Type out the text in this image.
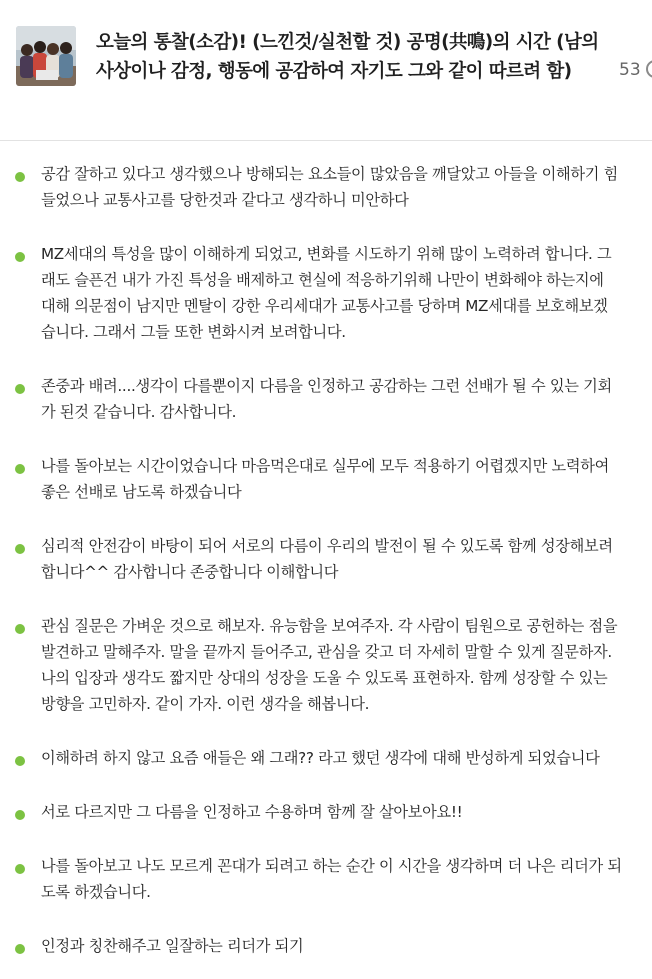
오늘의 통찰(소감)! (느낀것/실천할 것) 공명(共鳴)의 시간 (남의 사상이나 감정, 행동에 공감하여 자기도 그와 같이 따르려 함)	53
공감 잘하고 있다고 생각했으나 방해되는 요소들이 많았음을 깨달았고 아들을 이해하기 힘들었으나 교통사고를 당한것과 같다고 생각하니 미안하다
MZ세대의 특성을 많이 이해하게 되었고, 변화를 시도하기 위해 많이 노력하려 합니다. 그래도 슬픈건 내가 가진 특성을 배제하고 현실에 적응하기위해 나만이 변화해야 하는지에 대해 의문점이 남지만 멘탈이 강한 우리세대가 교통사고를 당하며 MZ세대를 보호해보겠습니다. 그래서 그들 또한 변화시켜 보려합니다.
존중과 배려....생각이 다를뿐이지 다름을 인정하고 공감하는 그런 선배가 될 수 있는 기회가 된것 같습니다. 감사합니다.
나를 돌아보는 시간이었습니다 마음먹은대로 실무에 모두 적용하기 어렵겠지만 노력하여 좋은 선배로 남도록 하겠습니다
심리적 안전감이 바탕이 되어 서로의 다름이 우리의 발전이 될 수 있도록 함께 성장해보려 합니다^^ 감사합니다 존중합니다 이해합니다
관심 질문은 가벼운 것으로 해보자. 유능함을 보여주자. 각 사람이 팀원으로 공헌하는 점을 발견하고 말해주자. 말을 끝까지 들어주고, 관심을 갖고 더 자세히 말할 수 있게 질문하자. 나의 입장과 생각도 짧지만 상대의 성장을 도울 수 있도록 표현하자. 함께 성장할 수 있는 방향을 고민하자. 같이 가자. 이런 생각을 해봅니다.
이해하려 하지 않고 요즘 애들은 왜 그래?? 라고 했던 생각에 대해 반성하게 되었습니다
서로 다르지만 그 다름을 인정하고 수용하며 함께 잘 살아보아요!!
나를 돌아보고 나도 모르게 꼰대가 되려고 하는 순간 이 시간을 생각하며 더 나은 리더가 되도록 하겠습니다.
인정과 칭찬해주고 일잘하는 리더가 되기
